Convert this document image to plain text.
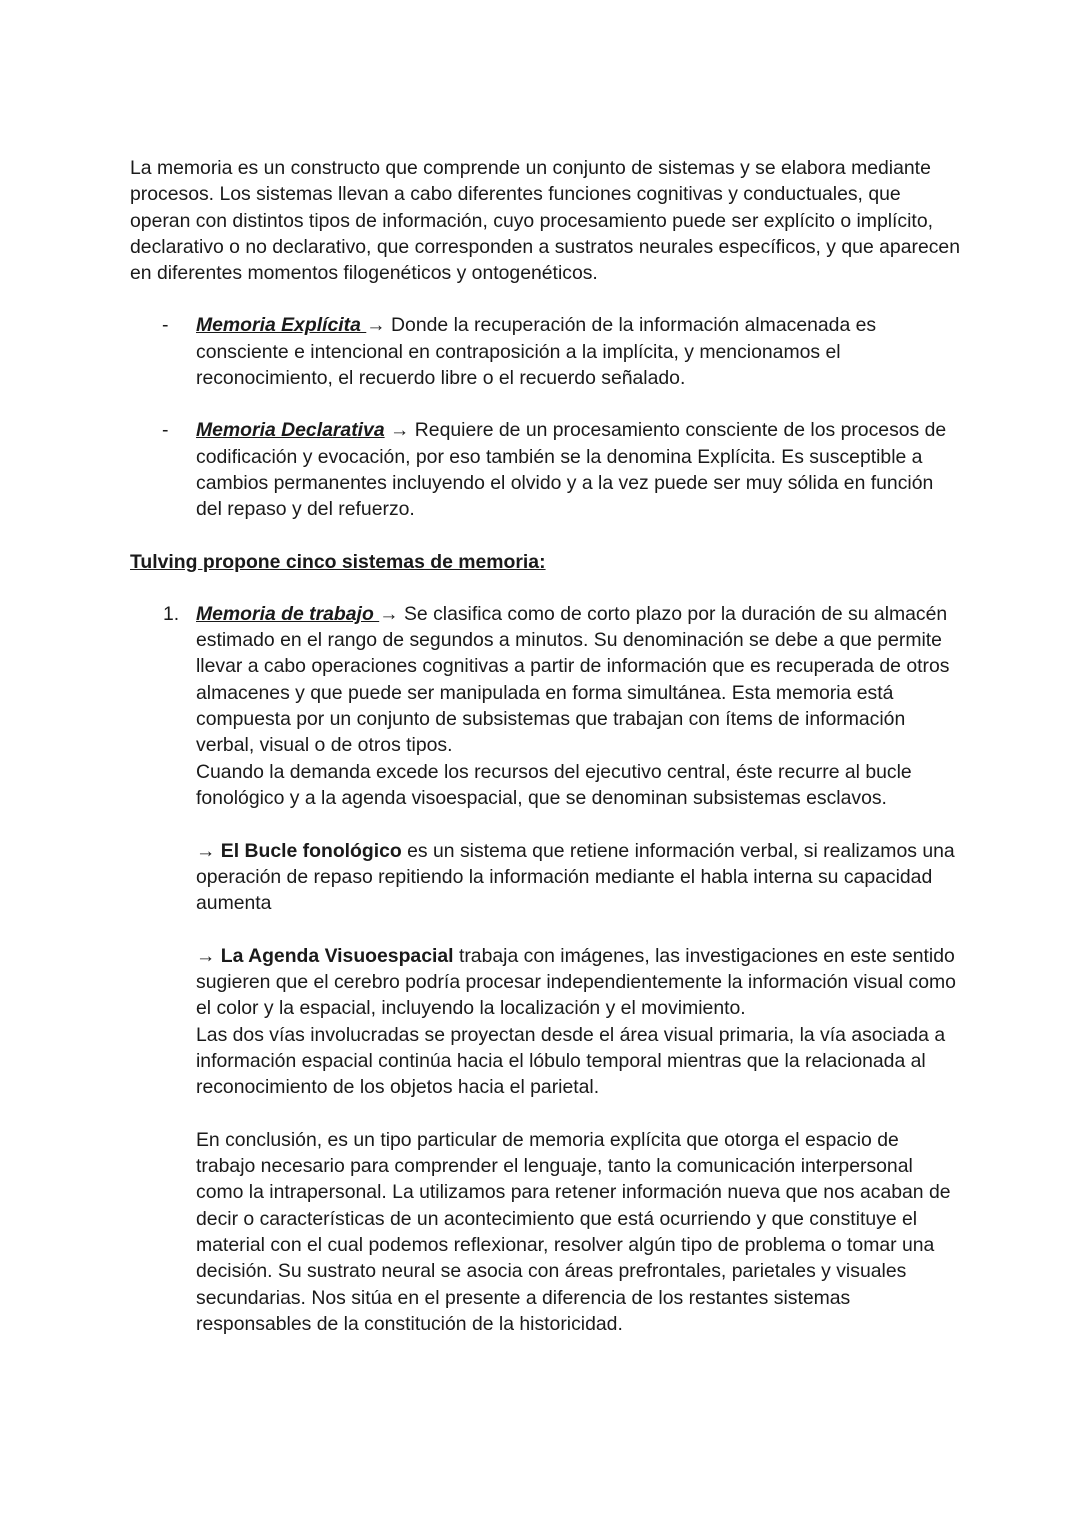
La memoria es un constructo que comprende un conjunto de sistemas y se elabora mediante procesos. Los sistemas llevan a cabo diferentes funciones cognitivas y conductuales, que operan con distintos tipos de información, cuyo procesamiento puede ser explícito o implícito, declarativo o no declarativo, que corresponden a sustratos neurales específicos, y que aparecen en diferentes momentos filogenéticos y ontogenéticos.

- Memoria Explícita → Donde la recuperación de la información almacenada es consciente e intencional en contraposición a la implícita, y mencionamos el reconocimiento, el recuerdo libre o el recuerdo señalado.

- Memoria Declarativa → Requiere de un procesamiento consciente de los procesos de codificación y evocación, por eso también se la denomina Explícita. Es susceptible a cambios permanentes incluyendo el olvido y a la vez puede ser muy sólida en función del repaso y del refuerzo.

Tulving propone cinco sistemas de memoria:

1. Memoria de trabajo → Se clasifica como de corto plazo por la duración de su almacén estimado en el rango de segundos a minutos. Su denominación se debe a que permite llevar a cabo operaciones cognitivas a partir de información que es recuperada de otros almacenes y que puede ser manipulada en forma simultánea. Esta memoria está compuesta por un conjunto de subsistemas que trabajan con ítems de información verbal, visual o de otros tipos.

Cuando la demanda excede los recursos del ejecutivo central, éste recurre al bucle fonológico y a la agenda visoespacial, que se denominan subsistemas esclavos.

→ El Bucle fonológico es un sistema que retiene información verbal, si realizamos una operación de repaso repitiendo la información mediante el habla interna su capacidad aumenta

→ La Agenda Visuoespacial trabaja con imágenes, las investigaciones en este sentido sugieren que el cerebro podría procesar independientemente la información visual como el color y la espacial, incluyendo la localización y el movimiento.

Las dos vías involucradas se proyectan desde el área visual primaria, la vía asociada a información espacial continúa hacia el lóbulo temporal mientras que la relacionada al reconocimiento de los objetos hacia el parietal.

En conclusión, es un tipo particular de memoria explícita que otorga el espacio de trabajo necesario para comprender el lenguaje, tanto la comunicación interpersonal como la intrapersonal. La utilizamos para retener información nueva que nos acaban de decir o características de un acontecimiento que está ocurriendo y que constituye el material con el cual podemos reflexionar, resolver algún tipo de problema o tomar una decisión. Su sustrato neural se asocia con áreas prefrontales, parietales y visuales secundarias. Nos sitúa en el presente a diferencia de los restantes sistemas responsables de la constitución de la historicidad.
